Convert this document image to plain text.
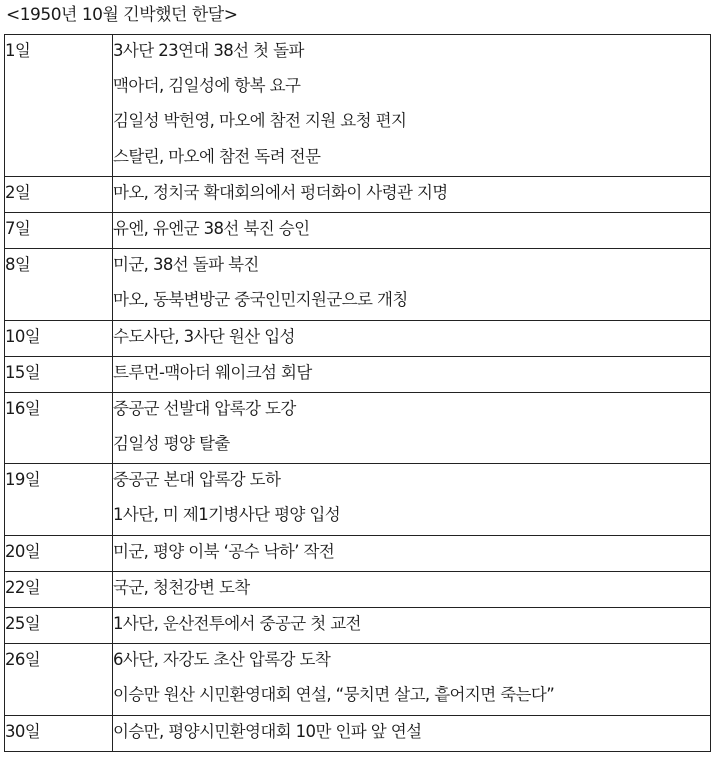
<1950년 10월 긴박했던 한달>
1일	3사단 23연대 38선 첫 돌파
맥아더, 김일성에 항복 요구
김일성 박헌영, 마오에 참전 지원 요청 편지
스탈린, 마오에 참전 독려 전문

2일	마오, 정치국 확대회의에서 펑더화이 사령관 지명

7일	유엔, 유엔군 38선 북진 승인

8일	미군, 38선 돌파 북진
마오, 동북변방군 중국인민지원군으로 개칭

10일	수도사단, 3사단 원산 입성

15일	트루먼-맥아더 웨이크섬 회담

16일	중공군 선발대 압록강 도강
김일성 평양 탈출

19일	중공군 본대 압록강 도하
1사단, 미 제1기병사단 평양 입성

20일	미군, 평양 이북 ‘공수 낙하’ 작전

22일	국군, 청천강변 도착

25일	1사단, 운산전투에서 중공군 첫 교전

26일	6사단, 자강도 초산 압록강 도착
이승만 원산 시민환영대회 연설, “뭉치면 살고, 흩어지면 죽는다”

30일	이승만, 평양시민환영대회 10만 인파 앞 연설
